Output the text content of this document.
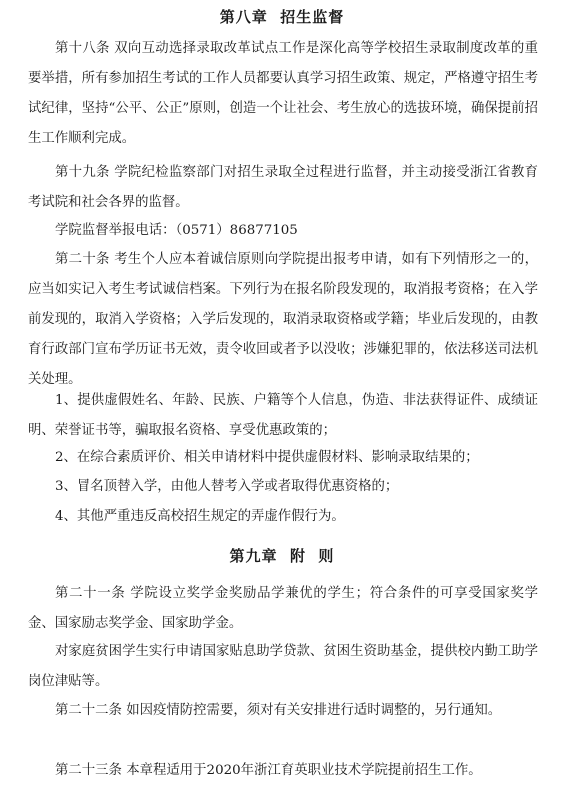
第八章  招生监督
第十八条 双向互动选择录取改革试点工作是深化高等学校招生录取制度改革的重要举措，所有参加招生考试的工作人员都要认真学习招生政策、规定，严格遵守招生考试纪律，坚持“公平、公正”原则，创造一个让社会、考生放心的选拔环境，确保提前招生工作顺利完成。
第十九条 学院纪检监察部门对招生录取全过程进行监督，并主动接受浙江省教育考试院和社会各界的监督。
学院监督举报电话：（0571）86877105
第二十条 考生个人应本着诚信原则向学院提出报考申请，如有下列情形之一的，应当如实记入考生考试诚信档案。下列行为在报名阶段发现的，取消报考资格；在入学前发现的，取消入学资格；入学后发现的，取消录取资格或学籍；毕业后发现的，由教育行政部门宣布学历证书无效，责令收回或者予以没收；涉嫌犯罪的，依法移送司法机关处理。
1、提供虚假姓名、年龄、民族、户籍等个人信息，伪造、非法获得证件、成绩证明、荣誉证书等，骗取报名资格、享受优惠政策的；
2、在综合素质评价、相关申请材料中提供虚假材料、影响录取结果的；
3、冒名顶替入学，由他人替考入学或者取得优惠资格的；
4、其他严重违反高校招生规定的弄虚作假行为。
第九章  附  则
第二十一条 学院设立奖学金奖励品学兼优的学生；符合条件的可享受国家奖学金、国家励志奖学金、国家助学金。
对家庭贫困学生实行申请国家贴息助学贷款、贫困生资助基金，提供校内勤工助学岗位津贴等。
第二十二条 如因疫情防控需要，须对有关安排进行适时调整的，另行通知。
第二十三条 本章程适用于2020年浙江育英职业技术学院提前招生工作。
